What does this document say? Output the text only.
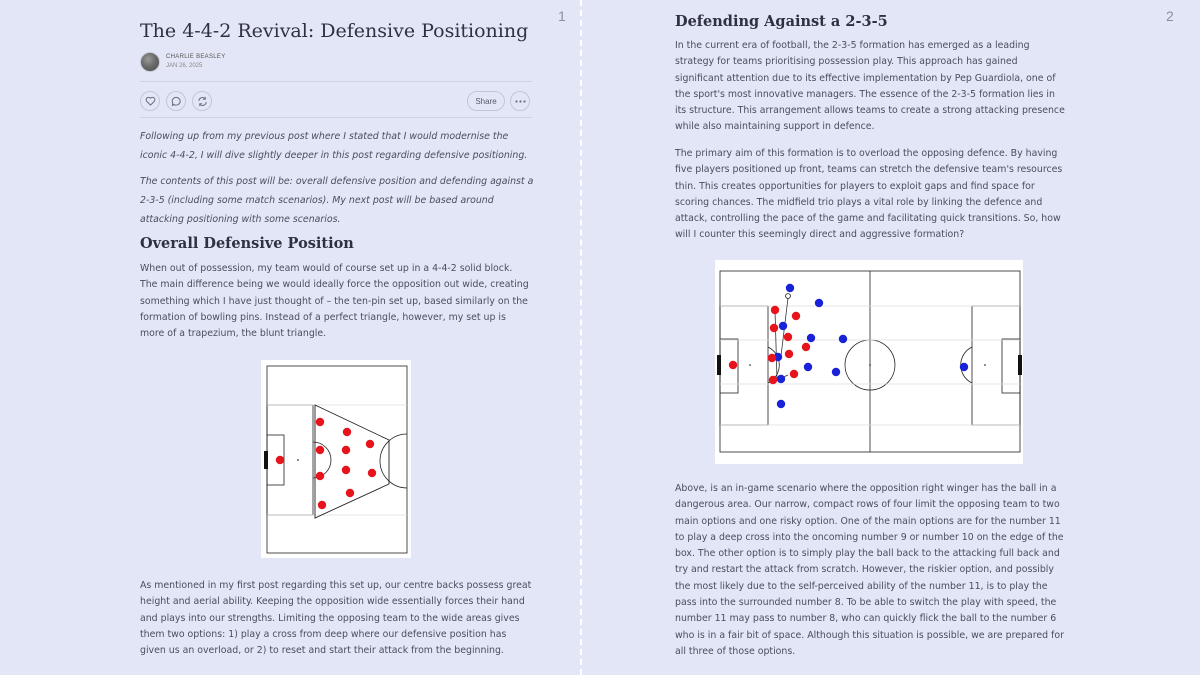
1
The 4-4-2 Revival: Defensive Positioning
CHARLIE BEASLEY
JAN 26, 2025
Share

Following up from my previous post where I stated that I would modernise the iconic 4-4-2, I will dive slightly deeper in this post regarding defensive positioning.

The contents of this post will be: overall defensive position and defending against a 2-3-5 (including some match scenarios). My next post will be based around attacking positioning with some scenarios.

Overall Defensive Position

When out of possession, my team would of course set up in a 4-4-2 solid block. The main difference being we would ideally force the opposition out wide, creating something which I have just thought of – the ten-pin set up, based similarly on the formation of bowling pins. Instead of a perfect triangle, however, my set up is more of a trapezium, the blunt triangle.

As mentioned in my first post regarding this set up, our centre backs possess great height and aerial ability. Keeping the opposition wide essentially forces their hand and plays into our strengths. Limiting the opposing team to the wide areas gives them two options: 1) play a cross from deep where our defensive position has given us an overload, or 2) to reset and start their attack from the beginning.

2
Defending Against a 2-3-5

In the current era of football, the 2-3-5 formation has emerged as a leading strategy for teams prioritising possession play. This approach has gained significant attention due to its effective implementation by Pep Guardiola, one of the sport's most innovative managers. The essence of the 2-3-5 formation lies in its structure. This arrangement allows teams to create a strong attacking presence while also maintaining support in defence.

The primary aim of this formation is to overload the opposing defence. By having five players positioned up front, teams can stretch the defensive team's resources thin. This creates opportunities for players to exploit gaps and find space for scoring chances. The midfield trio plays a vital role by linking the defence and attack, controlling the pace of the game and facilitating quick transitions. So, how will I counter this seemingly direct and aggressive formation?

Above, is an in-game scenario where the opposition right winger has the ball in a dangerous area. Our narrow, compact rows of four limit the opposing team to two main options and one risky option. One of the main options are for the number 11 to play a deep cross into the oncoming number 9 or number 10 on the edge of the box. The other option is to simply play the ball back to the attacking full back and try and restart the attack from scratch. However, the riskier option, and possibly the most likely due to the self-perceived ability of the number 11, is to play the pass into the surrounded number 8. To be able to switch the play with speed, the number 11 may pass to number 8, who can quickly flick the ball to the number 6 who is in a fair bit of space. Although this situation is possible, we are prepared for all three of those options.
